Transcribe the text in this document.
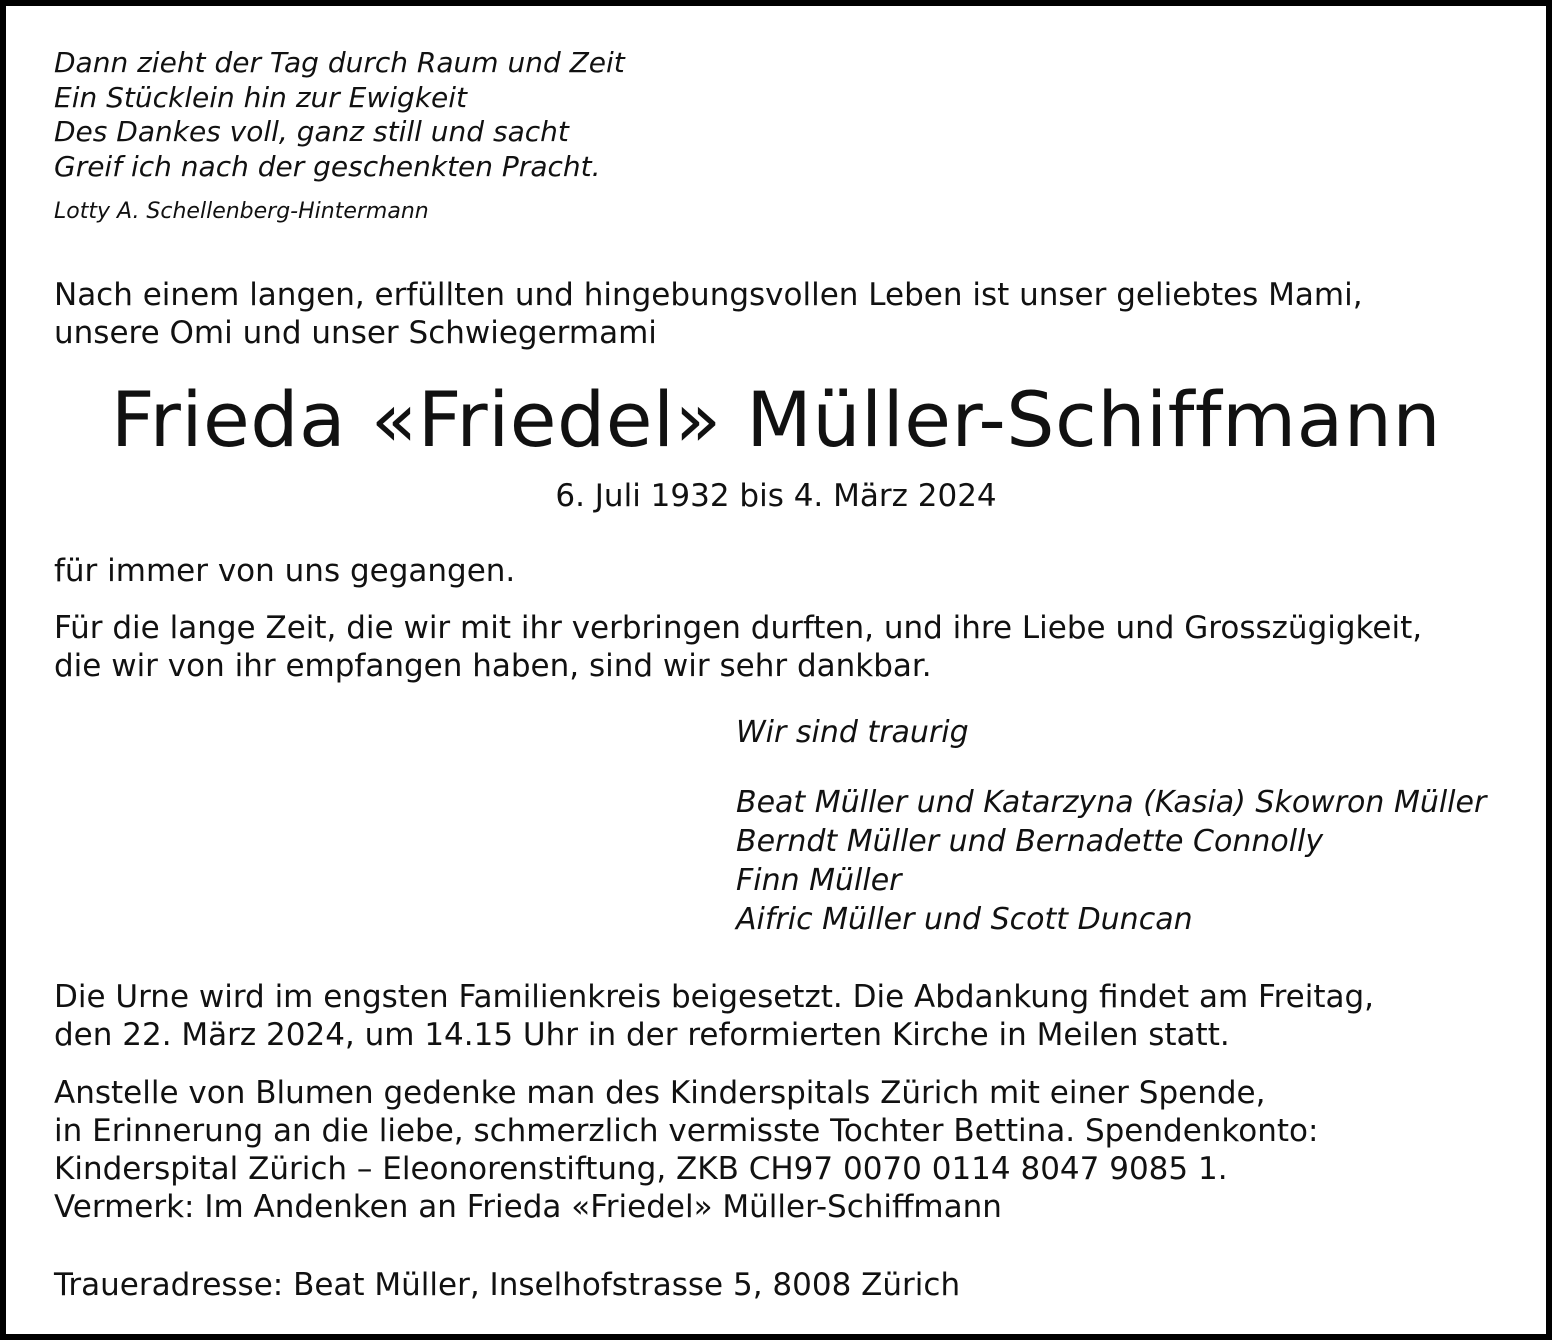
Dann zieht der Tag durch Raum und Zeit
Ein Stücklein hin zur Ewigkeit
Des Dankes voll, ganz still und sacht
Greif ich nach der geschenkten Pracht.
Lotty A. Schellenberg-Hintermann
Nach einem langen, erfüllten und hingebungsvollen Leben ist unser geliebtes Mami,
unsere Omi und unser Schwiegermami
Frieda «Friedel» Müller-Schiffmann
6. Juli 1932 bis 4. März 2024
für immer von uns gegangen.
Für die lange Zeit, die wir mit ihr verbringen durften, und ihre Liebe und Grosszügigkeit,
die wir von ihr empfangen haben, sind wir sehr dankbar.
Wir sind traurig
Beat Müller und Katarzyna (Kasia) Skowron Müller
Berndt Müller und Bernadette Connolly
Finn Müller
Aifric Müller und Scott Duncan
Die Urne wird im engsten Familienkreis beigesetzt. Die Abdankung findet am Freitag,
den 22. März 2024, um 14.15 Uhr in der reformierten Kirche in Meilen statt.
Anstelle von Blumen gedenke man des Kinderspitals Zürich mit einer Spende,
in Erinnerung an die liebe, schmerzlich vermisste Tochter Bettina. Spendenkonto:
Kinderspital Zürich – Eleonorenstiftung, ZKB CH97 0070 0114 8047 9085 1.
Vermerk: Im Andenken an Frieda «Friedel» Müller-Schiffmann
Traueradresse: Beat Müller, Inselhofstrasse 5, 8008 Zürich
